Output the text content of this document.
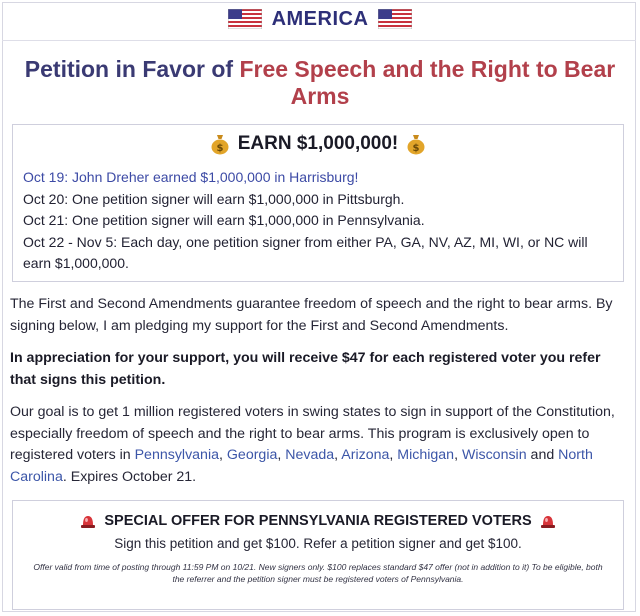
AMERICA
Petition in Favor of Free Speech and the Right to Bear Arms
$ EARN $1,000,000! $
Oct 19: John Dreher earned $1,000,000 in Harrisburg!
Oct 20: One petition signer will earn $1,000,000 in Pittsburgh.
Oct 21: One petition signer will earn $1,000,000 in Pennsylvania.
Oct 22 - Nov 5: Each day, one petition signer from either PA, GA, NV, AZ, MI, WI, or NC will earn $1,000,000.
The First and Second Amendments guarantee freedom of speech and the right to bear arms. By signing below, I am pledging my support for the First and Second Amendments.
In appreciation for your support, you will receive $47 for each registered voter you refer that signs this petition.
Our goal is to get 1 million registered voters in swing states to sign in support of the Constitution, especially freedom of speech and the right to bear arms. This program is exclusively open to registered voters in Pennsylvania, Georgia, Nevada, Arizona, Michigan, Wisconsin and North Carolina. Expires October 21.
SPECIAL OFFER FOR PENNSYLVANIA REGISTERED VOTERS
Sign this petition and get $100. Refer a petition signer and get $100.
Offer valid from time of posting through 11:59 PM on 10/21. New signers only. $100 replaces standard $47 offer (not in addition to it) To be eligible, both the referrer and the petition signer must be registered voters of Pennsylvania.
